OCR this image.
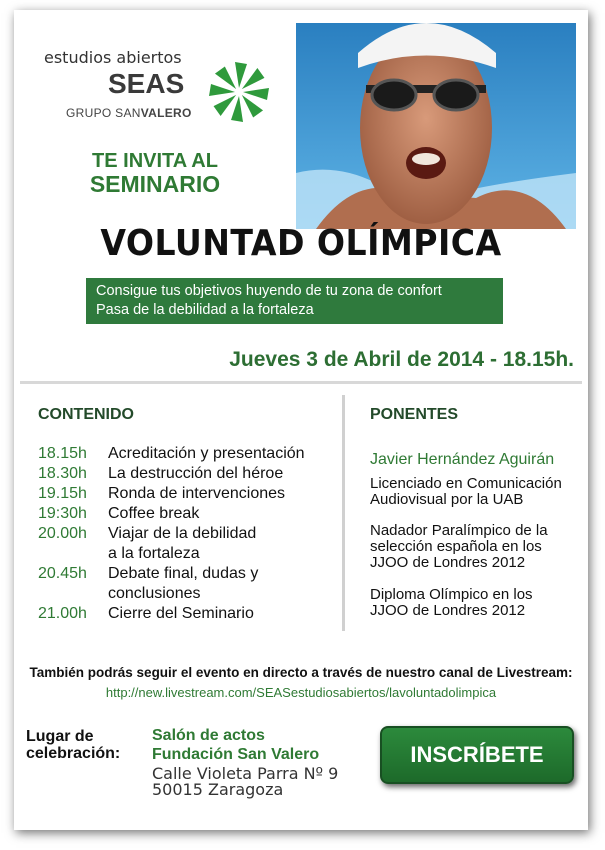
estudios abiertos
SEAS
GRUPO SANVALERO
TE INVITA AL
SEMINARIO
VOLUNTAD OLÍMPICA
Consigue tus objetivos huyendo de tu zona de confort
Pasa de la debilidad a la fortaleza
Jueves 3 de Abril de 2014 - 18.15h.
CONTENIDO
18.15h	Acreditación y presentación
18.30h	La destrucción del héroe
19.15h	Ronda de intervenciones
19:30h	Coffee break
20.00h	Viajar de la debilidad
a la fortaleza
20.45h	Debate final, dudas y
conclusiones
21.00h	Cierre del Seminario
PONENTES
Javier Hernández Aguirán
Licenciado en Comunicación
Audiovisual por la UAB
Nadador Paralímpico de la
selección española en los
JJOO de Londres 2012
Diploma Olímpico en los
JJOO de Londres 2012
También podrás seguir el evento en directo a través de nuestro canal de Livestream:
http://new.livestream.com/SEASestudiosabiertos/lavoluntadolimpica
Lugar de
celebración:
Salón de actos
Fundación San Valero
Calle Violeta Parra Nº 9
50015 Zaragoza
INSCRÍBETE
